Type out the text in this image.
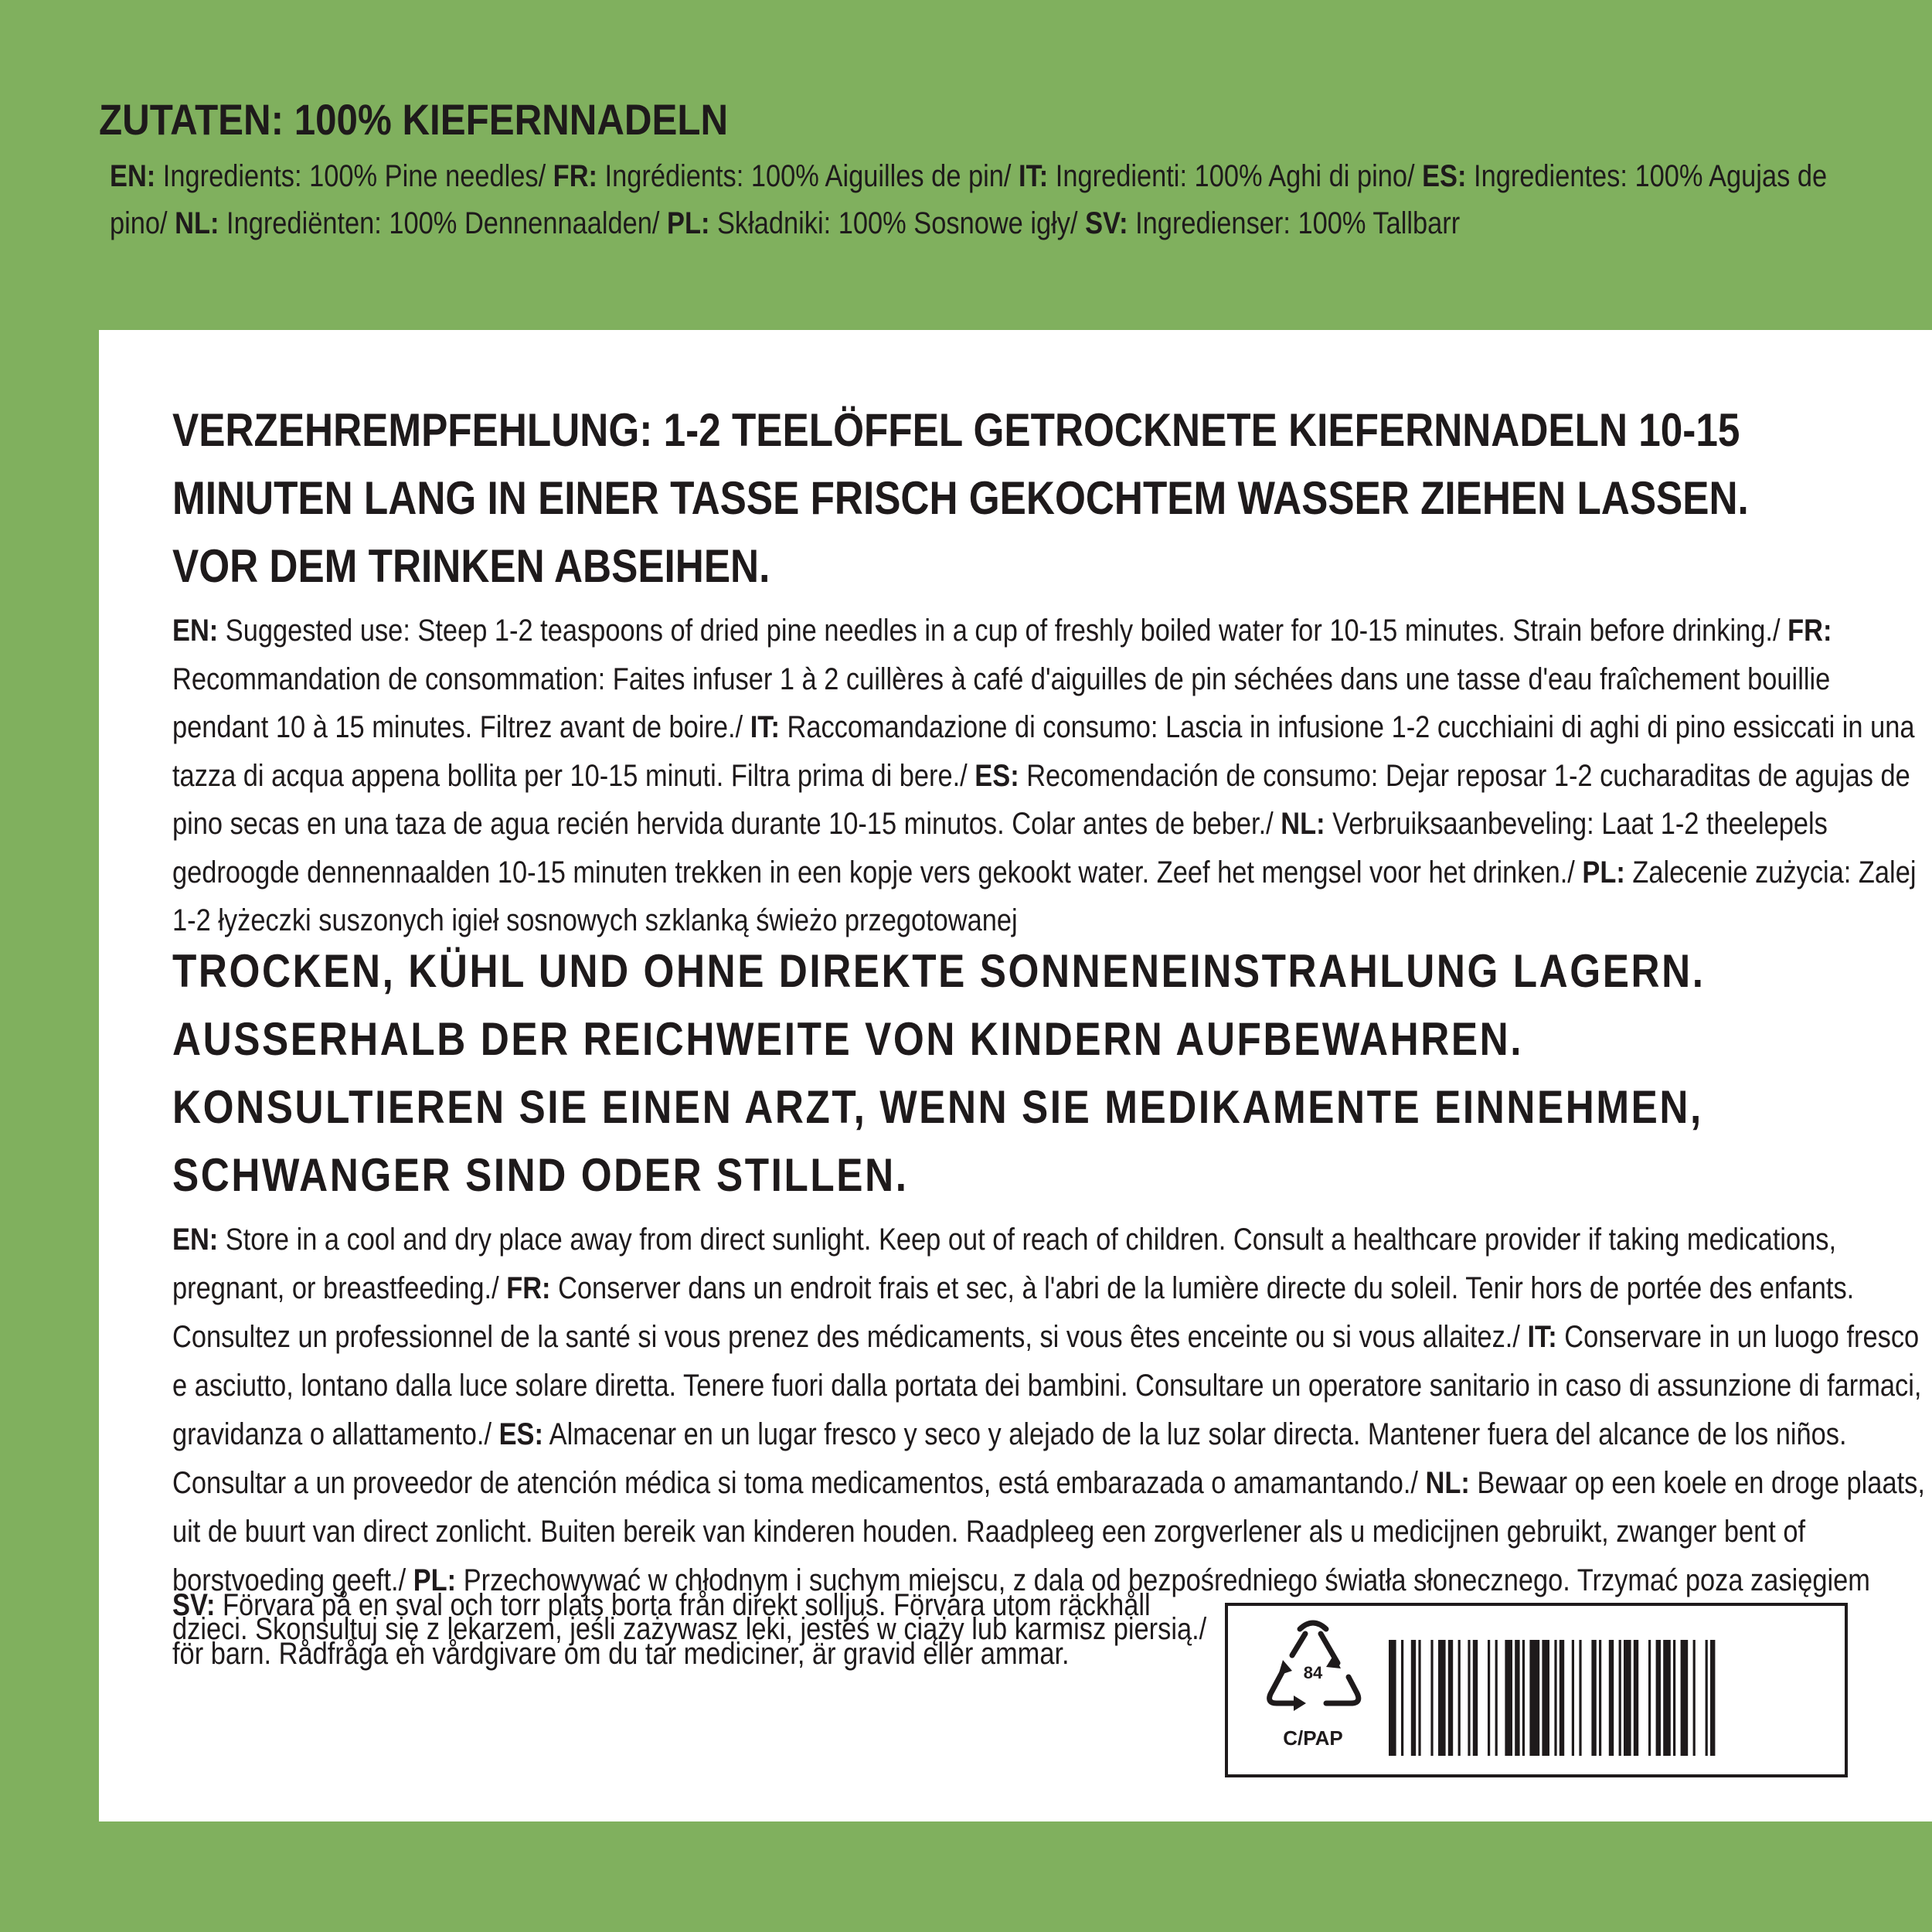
ZUTATEN: 100% KIEFERNNADELN

EN: Ingredients: 100% Pine needles/ FR: Ingrédients: 100% Aiguilles de pin/ IT: Ingredienti: 100% Aghi di pino/ ES: Ingredientes: 100% Agujas de pino/ NL: Ingrediënten: 100% Dennennaalden/ PL: Składniki: 100% Sosnowe igły/ SV: Ingredienser: 100% Tallbarr

VERZEHREMPFEHLUNG: 1-2 TEELÖFFEL GETROCKNETE KIEFERNNADELN 10-15 MINUTEN LANG IN EINER TASSE FRISCH GEKOCHTEM WASSER ZIEHEN LASSEN. VOR DEM TRINKEN ABSEIHEN.

EN: Suggested use: Steep 1-2 teaspoons of dried pine needles in a cup of freshly boiled water for 10-15 minutes. Strain before drinking./ FR: Recommandation de consommation: Faites infuser 1 à 2 cuillères à café d'aiguilles de pin séchées dans une tasse d'eau fraîchement bouillie pendant 10 à 15 minutes. Filtrez avant de boire./ IT: Raccomandazione di consumo: Lascia in infusione 1-2 cucchiaini di aghi di pino essiccati in una tazza di acqua appena bollita per 10-15 minuti. Filtra prima di bere./ ES: Recomendación de consumo: Dejar reposar 1-2 cucharaditas de agujas de pino secas en una taza de agua recién hervida durante 10-15 minutos. Colar antes de beber./ NL: Verbruiksaanbeveling: Laat 1-2 theelepels gedroogde dennennaalden 10-15 minuten trekken in een kopje vers gekookt water. Zeef het mengsel voor het drinken./ PL: Zalecenie zużycia: Zalej 1-2 łyżeczki suszonych igieł sosnowych szklanką świeżo przegotowanej

TROCKEN, KÜHL UND OHNE DIREKTE SONNENEINSTRAHLUNG LAGERN. AUSSERHALB DER REICHWEITE VON KINDERN AUFBEWAHREN. KONSULTIEREN SIE EINEN ARZT, WENN SIE MEDIKAMENTE EINNEHMEN, SCHWANGER SIND ODER STILLEN.

EN: Store in a cool and dry place away from direct sunlight. Keep out of reach of children. Consult a healthcare provider if taking medications, pregnant, or breastfeeding./ FR: Conserver dans un endroit frais et sec, à l'abri de la lumière directe du soleil. Tenir hors de portée des enfants. Consultez un professionnel de la santé si vous prenez des médicaments, si vous êtes enceinte ou si vous allaitez./ IT: Conservare in un luogo fresco e asciutto, lontano dalla luce solare diretta. Tenere fuori dalla portata dei bambini. Consultare un operatore sanitario in caso di assunzione di farmaci, gravidanza o allattamento./ ES: Almacenar en un lugar fresco y seco y alejado de la luz solar directa. Mantener fuera del alcance de los niños. Consultar a un proveedor de atención médica si toma medicamentos, está embarazada o amamantando./ NL: Bewaar op een koele en droge plaats, uit de buurt van direct zonlicht. Buiten bereik van kinderen houden. Raadpleeg een zorgverlener als u medicijnen gebruikt, zwanger bent of borstvoeding geeft./ PL: Przechowywać w chłodnym i suchym miejscu, z dala od bezpośredniego światła słonecznego. Trzymać poza zasięgiem dzieci. Skonsultuj się z lekarzem, jeśli zażywasz leki, jesteś w ciąży lub karmisz piersią./

SV: Förvara på en sval och torr plats borta från direkt solljus. Förvara utom räckhåll för barn. Rådfråga en vårdgivare om du tar mediciner, är gravid eller ammar.

84
C/PAP
